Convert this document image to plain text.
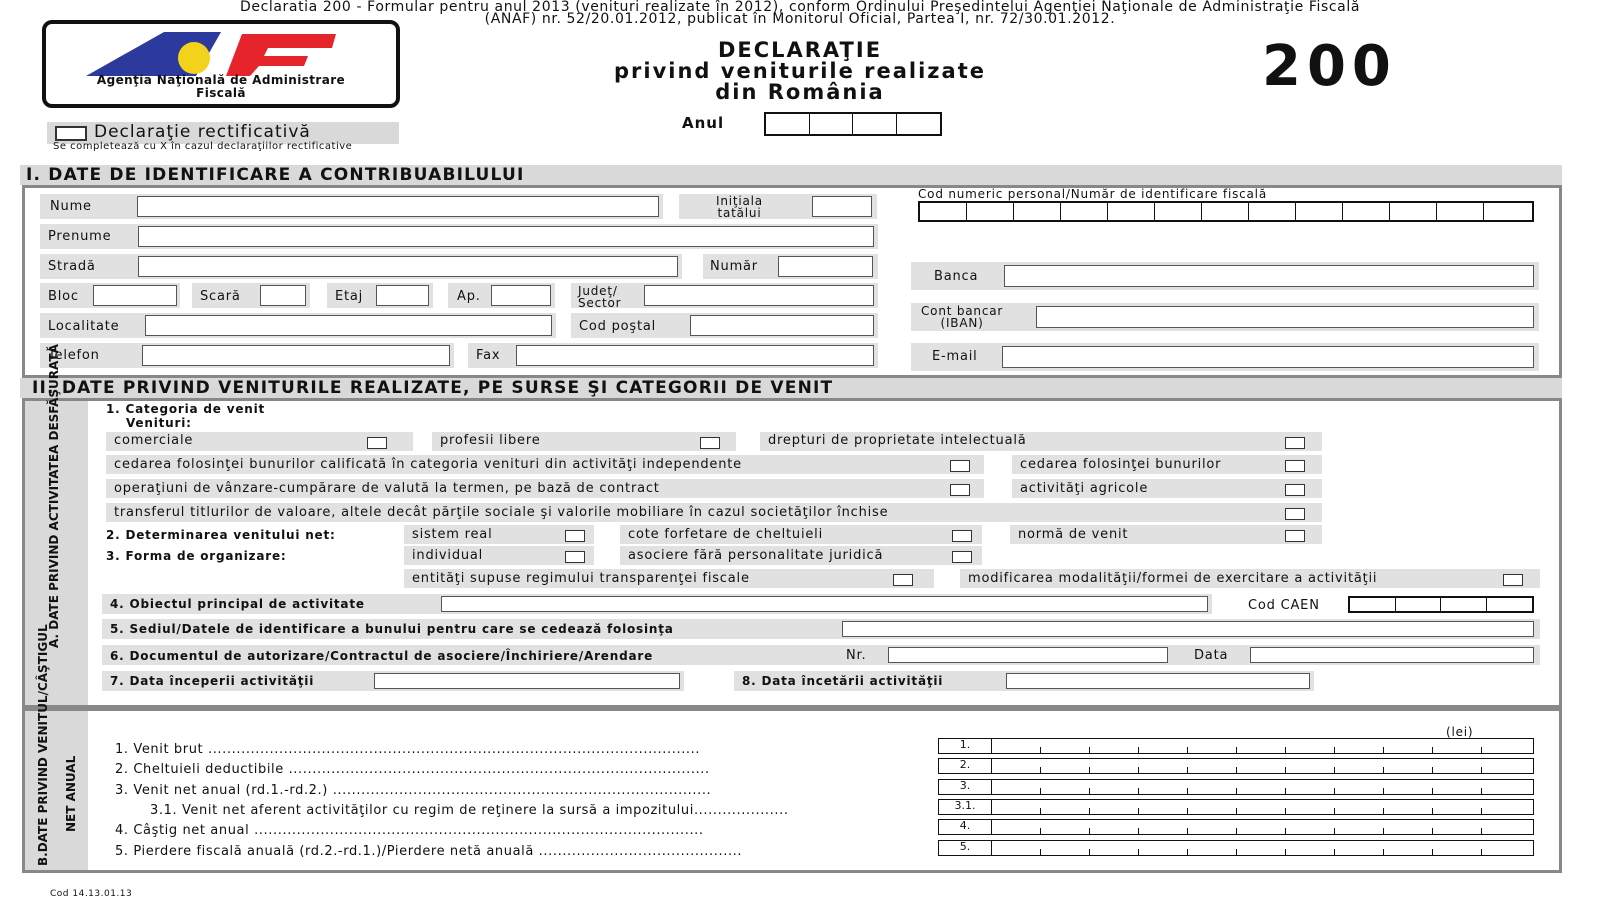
Declaratia 200 - Formular pentru anul 2013 (venituri realizate în 2012), conform Ordinului Preşedintelui Agenţiei Naţionale de Administraţie Fiscală
(ANAF) nr. 52/20.01.2012, publicat în Monitorul Oficial, Partea I, nr. 72/30.01.2012.
Agenţia Naţională de Administrare
Fiscală
DECLARAŢIE
privind veniturile realizate
din România	200
Anul
Declaraţie rectificativă
Se completează cu X în cazul declaraţiilor rectificative
I. DATE DE IDENTIFICARE A CONTRIBUABILULUI
Nume	Iniţiala
tatălui
Cod numeric personal/Număr de identificare fiscală
Prenume
Stradă	Număr
Banca
Bloc	Scară	Etaj	Ap.	Judeţ/
Sector
Cont bancar
(IBAN)
Localitate	Cod poştal
Telefon	Fax	E-mail
II. DATE PRIVIND VENITURILE REALIZATE, PE SURSE ŞI CATEGORII DE VENIT
A. DATE PRIVIND ACTIVITATEA DESFĂŞURATĂ	1. Categoria de venit
Venituri:
comerciale	profesii libere	drepturi de proprietate intelectuală
cedarea folosinţei bunurilor calificată în categoria venituri din activităţi independente	cedarea folosinţei bunurilor
operaţiuni de vânzare-cumpărare de valută la termen, pe bază de contract	activităţi agricole
transferul titlurilor de valoare, altele decât părţile sociale şi valorile mobiliare în cazul societăţilor închise
2. Determinarea venitului net:	sistem real	cote forfetare de cheltuieli	normă de venit
3. Forma de organizare:	individual	asociere fără personalitate juridică
entităţi supuse regimului transparenţei fiscale	modificarea modalităţii/formei de exercitare a activităţii
4. Obiectul principal de activitate	Cod CAEN
5. Sediul/Datele de identificare a bunului pentru care se cedează folosinţa
6. Documentul de autorizare/Contractul de asociere/Închiriere/Arendare	Nr.	Data
7. Data începerii activităţii	8. Data încetării activităţii
B.DATE PRIVIND VENITUL/CÂŞTIGUL NET ANUAL
(lei)
1. Venit brut ........................................................................................................	1.
2. Cheltuieli deductibile .........................................................................................	2.
3. Venit net anual (rd.1.-rd.2.) ................................................................................	3.
3.1. Venit net aferent activităţilor cu regim de reţinere la sursă a impozitului....................	3.1.
4. Câştig net anual ...............................................................................................	4.
5. Pierdere fiscală anuală (rd.2.-rd.1.)/Pierdere netă anuală ...........................................	5.
Cod 14.13.01.13
